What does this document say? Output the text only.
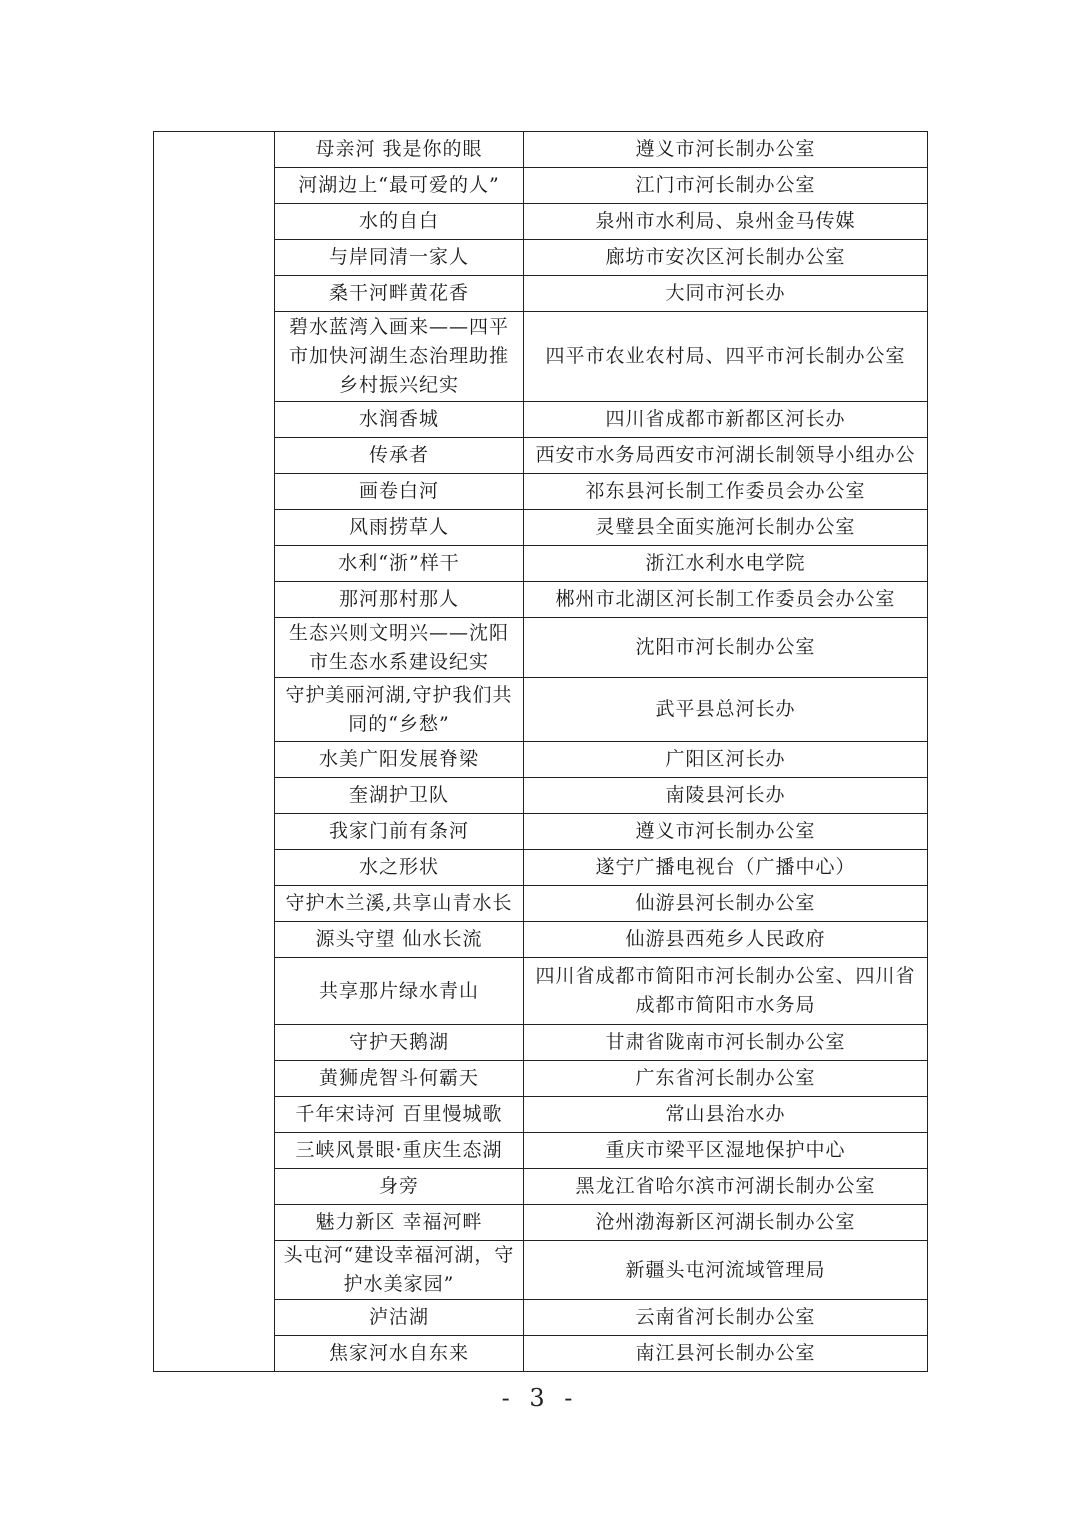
	母亲河 我是你的眼	遵义市河长制办公室
	河湖边上“最可爱的人”	江门市河长制办公室
	水的自白	泉州市水利局、泉州金马传媒
	与岸同清一家人	廊坊市安次区河长制办公室
	桑干河畔黄花香	大同市河长办
	碧水蓝湾入画来——四平市加快河湖生态治理助推乡村振兴纪实	四平市农业农村局、四平市河长制办公室
	水润香城	四川省成都市新都区河长办
	传承者	西安市水务局西安市河湖长制领导小组办公
	画卷白河	祁东县河长制工作委员会办公室
	风雨捞草人	灵璧县全面实施河长制办公室
	水利“浙”样干	浙江水利水电学院
	那河那村那人	郴州市北湖区河长制工作委员会办公室
	生态兴则文明兴——沈阳市生态水系建设纪实	沈阳市河长制办公室
	守护美丽河湖,守护我们共同的“乡愁”	武平县总河长办
	水美广阳发展脊梁	广阳区河长办
	奎湖护卫队	南陵县河长办
	我家门前有条河	遵义市河长制办公室
	水之形状	遂宁广播电视台（广播中心）
	守护木兰溪,共享山青水长	仙游县河长制办公室
	源头守望 仙水长流	仙游县西苑乡人民政府
	共享那片绿水青山	四川省成都市简阳市河长制办公室、四川省成都市简阳市水务局
	守护天鹅湖	甘肃省陇南市河长制办公室
	黄狮虎智斗何霸天	广东省河长制办公室
	千年宋诗河 百里慢城歌	常山县治水办
	三峡风景眼·重庆生态湖	重庆市梁平区湿地保护中心
	身旁	黑龙江省哈尔滨市河湖长制办公室
	魅力新区 幸福河畔	沧州渤海新区河湖长制办公室
	头屯河“建设幸福河湖，守护水美家园”	新疆头屯河流域管理局
	泸沽湖	云南省河长制办公室
	焦家河水自东来	南江县河长制办公室
- 3 -
